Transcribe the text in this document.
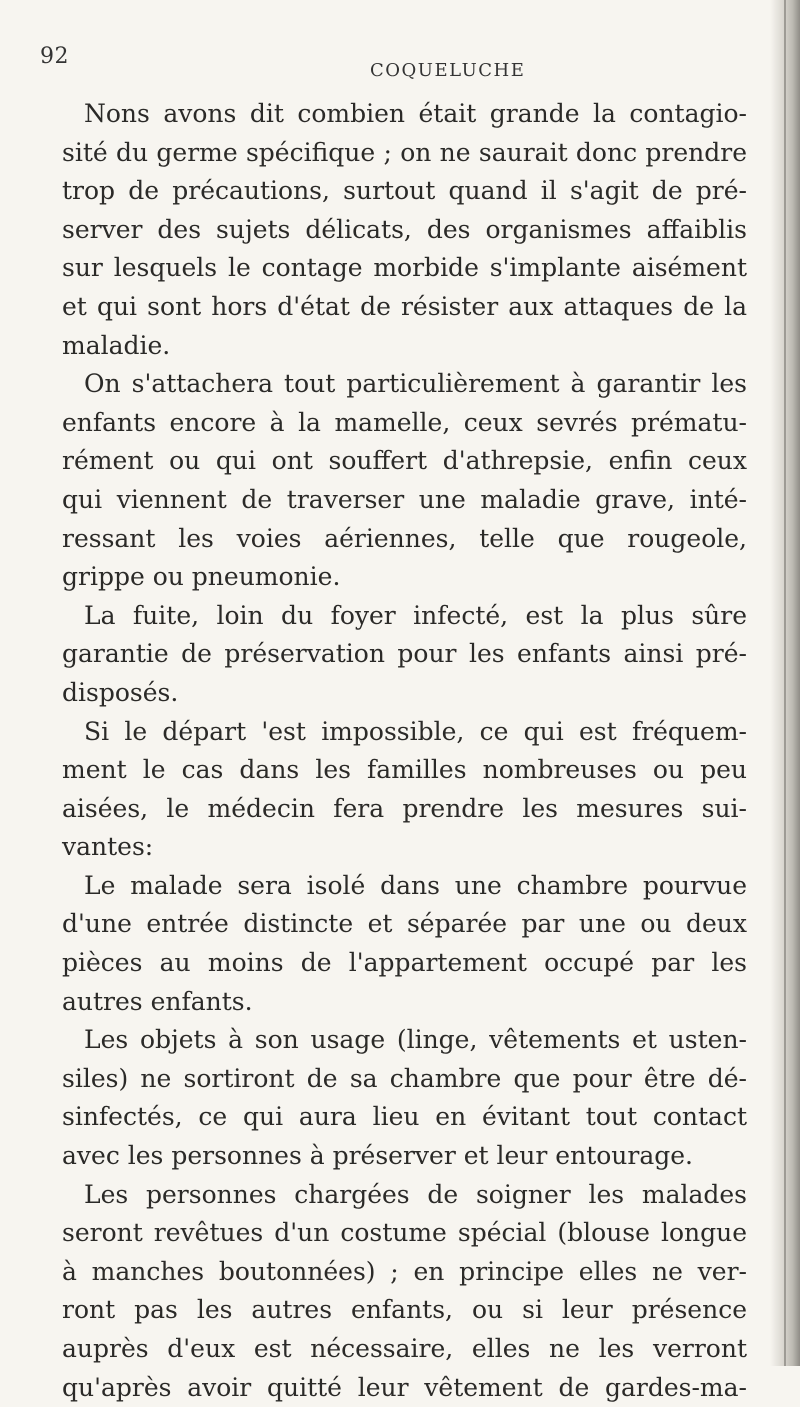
92
COQUELUCHE
Nons avons dit combien était grande la contagio-
sité du germe spécifique ; on ne saurait donc prendre
trop de précautions, surtout quand il s'agit de pré-
server des sujets délicats, des organismes affaiblis
sur lesquels le contage morbide s'implante aisément
et qui sont hors d'état de résister aux attaques de la
maladie.
On s'attachera tout particulièrement à garantir les
enfants encore à la mamelle, ceux sevrés prématu-
rément ou qui ont souffert d'athrepsie, enfin ceux
qui viennent de traverser une maladie grave, inté-
ressant les voies aériennes, telle que rougeole,
grippe ou pneumonie.
La fuite, loin du foyer infecté, est la plus sûre
garantie de préservation pour les enfants ainsi pré-
disposés.
Si le départ 'est impossible, ce qui est fréquem-
ment le cas dans les familles nombreuses ou peu
aisées, le médecin fera prendre les mesures sui-
vantes:
Le malade sera isolé dans une chambre pourvue
d'une entrée distincte et séparée par une ou deux
pièces au moins de l'appartement occupé par les
autres enfants.
Les objets à son usage (linge, vêtements et usten-
siles) ne sortiront de sa chambre que pour être dé-
sinfectés, ce qui aura lieu en évitant tout contact
avec les personnes à préserver et leur entourage.
Les personnes chargées de soigner les malades
seront revêtues d'un costume spécial (blouse longue
à manches boutonnées) ; en principe elles ne ver-
ront pas les autres enfants, ou si leur présence
auprès d'eux est nécessaire, elles ne les verront
qu'après avoir quitté leur vêtement de gardes-ma-
